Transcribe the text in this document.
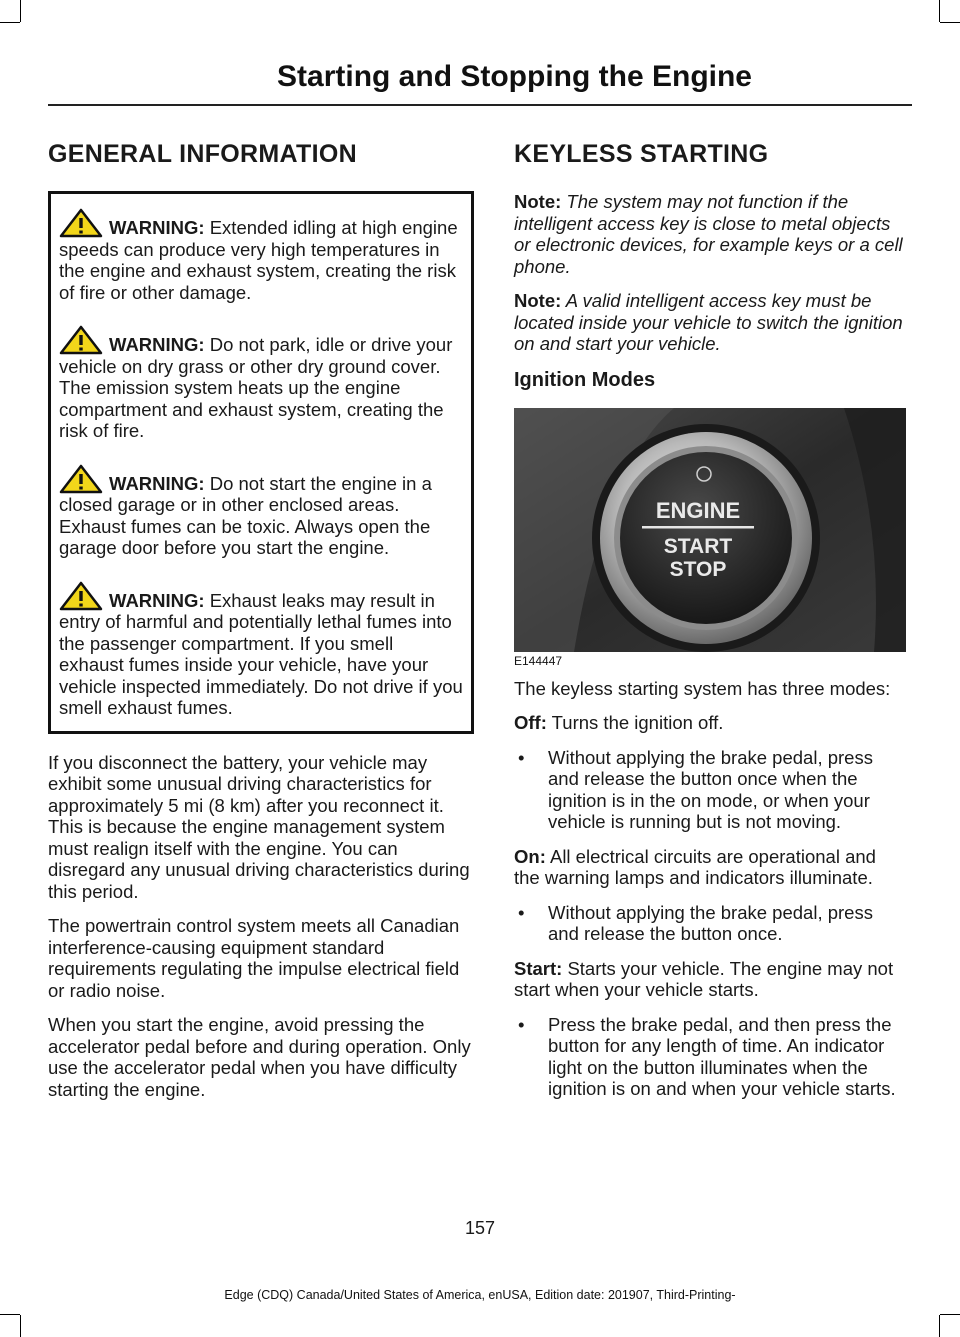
Starting and Stopping the Engine
GENERAL INFORMATION

WARNING: Extended idling at high engine speeds can produce very high temperatures in the engine and exhaust system, creating the risk of fire or other damage.

WARNING: Do not park, idle or drive your vehicle on dry grass or other dry ground cover. The emission system heats up the engine compartment and exhaust system, creating the risk of fire.

WARNING: Do not start the engine in a closed garage or in other enclosed areas. Exhaust fumes can be toxic. Always open the garage door before you start the engine.

WARNING: Exhaust leaks may result in entry of harmful and potentially lethal fumes into the passenger compartment. If you smell exhaust fumes inside your vehicle, have your vehicle inspected immediately. Do not drive if you smell exhaust fumes.

If you disconnect the battery, your vehicle may exhibit some unusual driving characteristics for approximately 5 mi (8 km) after you reconnect it. This is because the engine management system must realign itself with the engine. You can disregard any unusual driving characteristics during this period.

The powertrain control system meets all Canadian interference-causing equipment standard requirements regulating the impulse electrical field or radio noise.

When you start the engine, avoid pressing the accelerator pedal before and during operation. Only use the accelerator pedal when you have difficulty starting the engine.

KEYLESS STARTING

Note: The system may not function if the intelligent access key is close to metal objects or electronic devices, for example keys or a cell phone.

Note: A valid intelligent access key must be located inside your vehicle to switch the ignition on and start your vehicle.

Ignition Modes
ENGINE
START
STOP
E144447

The keyless starting system has three modes:

Off: Turns the ignition off.

• Without applying the brake pedal, press and release the button once when the ignition is in the on mode, or when your vehicle is running but is not moving.

On: All electrical circuits are operational and the warning lamps and indicators illuminate.

• Without applying the brake pedal, press and release the button once.

Start: Starts your vehicle. The engine may not start when your vehicle starts.

• Press the brake pedal, and then press the button for any length of time. An indicator light on the button illuminates when the ignition is on and when your vehicle starts.
157
Edge (CDQ) Canada/United States of America, enUSA, Edition date: 201907, Third-Printing-
